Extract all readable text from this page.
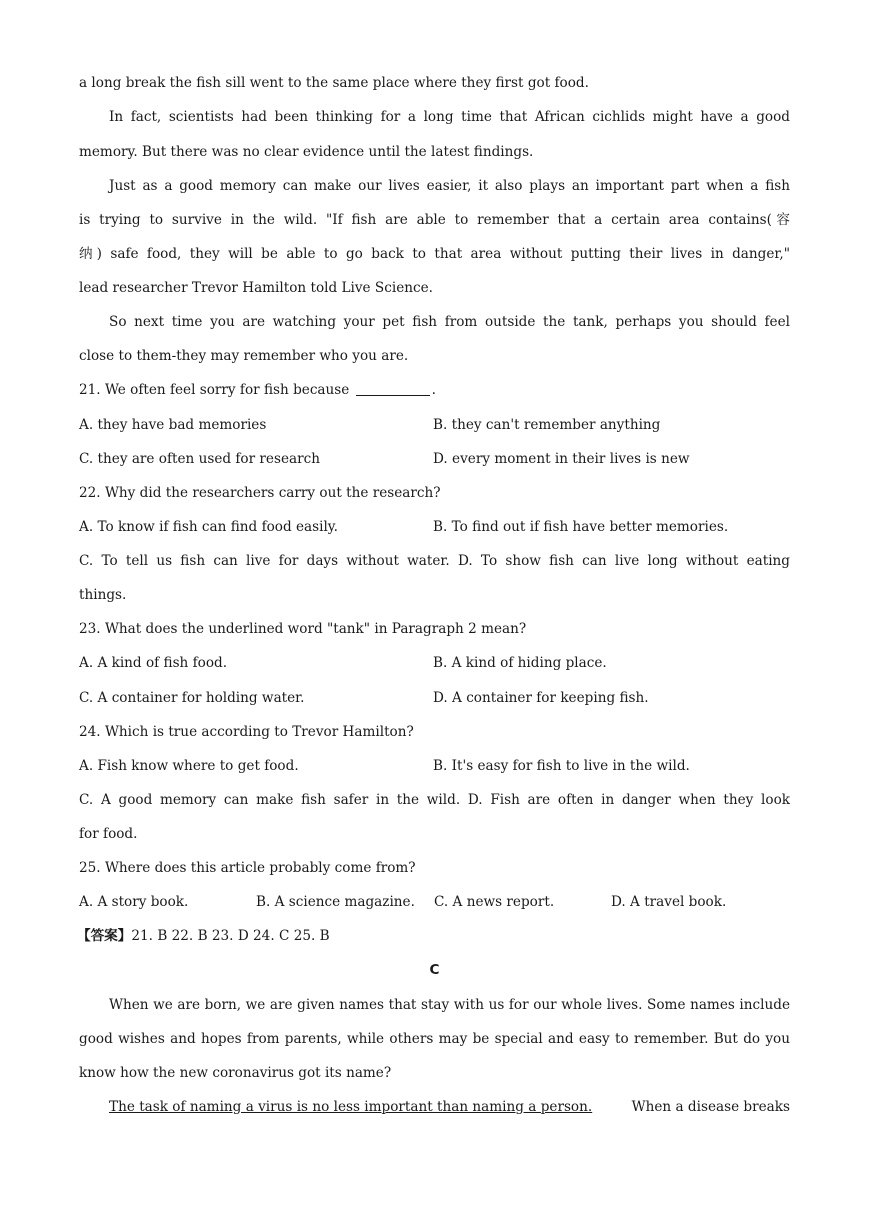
a long break the fish sill went to the same place where they first got food.
In fact, scientists had been thinking for a long time that African cichlids might have a good
memory. But there was no clear evidence until the latest findings.
Just as a good memory can make our lives easier, it also plays an important part when a fish
is trying to survive in the wild. "If fish are able to remember that a certain area contains(容
纳) safe food, they will be able to go back to that area without putting their lives in danger,"
lead researcher Trevor Hamilton told Live Science.
So next time you are watching your pet fish from outside the tank, perhaps you should feel
close to them-they may remember who you are.
21. We often feel sorry for fish because	.
A. they have bad memories	B. they can't remember anything
C. they are often used for research	D. every moment in their lives is new
22. Why did the researchers carry out the research?
A. To know if fish can find food easily.	B. To find out if fish have better memories.
C. To tell us fish can live for days without water. D. To show fish can live long without eating
things.
23. What does the underlined word "tank" in Paragraph 2 mean?
A. A kind of fish food.	B. A kind of hiding place.
C. A container for holding water.	D. A container for keeping fish.
24. Which is true according to Trevor Hamilton?
A. Fish know where to get food.	B. It's easy for fish to live in the wild.
C. A good memory can make fish safer in the wild. D. Fish are often in danger when they look
for food.
25. Where does this article probably come from?
A. A story book.	B. A science magazine. C. A news report.	D. A travel book.
【答案】21. B 22. B 23. D 24. C 25. B
C
When we are born, we are given names that stay with us for our whole lives. Some names include
good wishes and hopes from parents, while others may be special and easy to remember. But do you
know how the new coronavirus got its name?
The task of naming a virus is no less important than naming a person.	When a disease breaks
